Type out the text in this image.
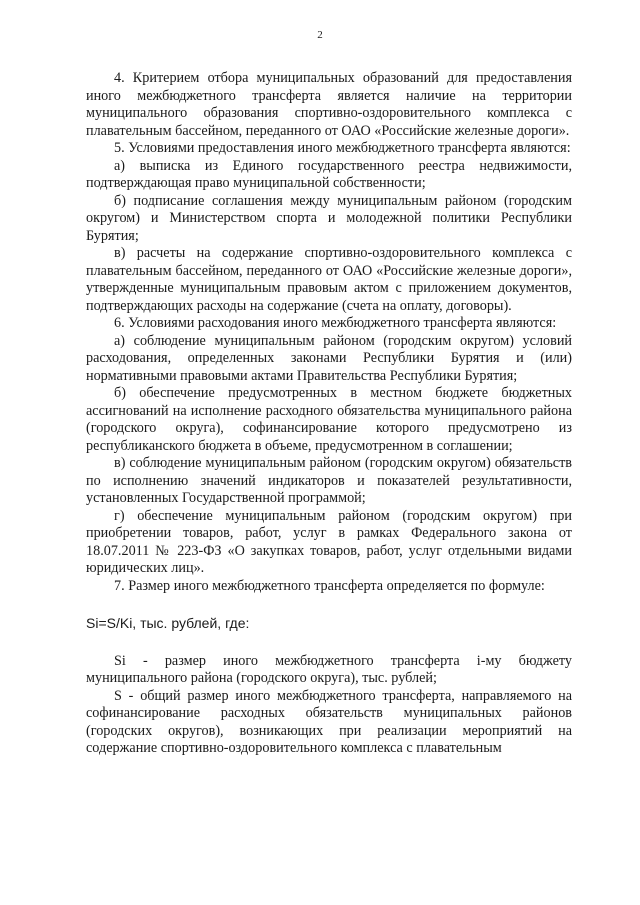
2

4. Критерием отбора муниципальных образований для предоставления иного межбюджетного трансферта является наличие на территории муниципального образования спортивно-оздоровительного комплекса с плавательным бассейном, переданного от ОАО «Российские железные дороги».

5. Условиями предоставления иного межбюджетного трансферта являются:

а) выписка из Единого государственного реестра недвижимости, подтверждающая право муниципальной собственности;

б) подписание соглашения между муниципальным районом (городским округом) и Министерством спорта и молодежной политики Республики Бурятия;

в) расчеты на содержание спортивно-оздоровительного комплекса с плавательным бассейном, переданного от ОАО «Российские железные дороги», утвержденные муниципальным правовым актом с приложением документов, подтверждающих расходы на содержание (счета на оплату, договоры).

6. Условиями расходования иного межбюджетного трансферта являются:

а) соблюдение муниципальным районом (городским округом) условий расходования, определенных законами Республики Бурятия и (или) нормативными правовыми актами Правительства Республики Бурятия;

б) обеспечение предусмотренных в местном бюджете бюджетных ассигнований на исполнение расходного обязательства муниципального района (городского округа), софинансирование которого предусмотрено из республиканского бюджета в объеме, предусмотренном в соглашении;

в) соблюдение муниципальным районом (городским округом) обязательств по исполнению значений индикаторов и показателей результативности, установленных Государственной программой;

г) обеспечение муниципальным районом (городским округом) при приобретении товаров, работ, услуг в рамках Федерального закона от 18.07.2011 № 223-ФЗ «О закупках товаров, работ, услуг отдельными видами юридических лиц».

7. Размер иного межбюджетного трансферта определяется по формуле:

Si=S/Ki, тыс. рублей, где:

Si - размер иного межбюджетного трансферта i-му бюджету муниципального района (городского округа), тыс. рублей;

S - общий размер иного межбюджетного трансферта, направляемого на софинансирование расходных обязательств муниципальных районов (городских округов), возникающих при реализации мероприятий на содержание спортивно-оздоровительного комплекса с плавательным
